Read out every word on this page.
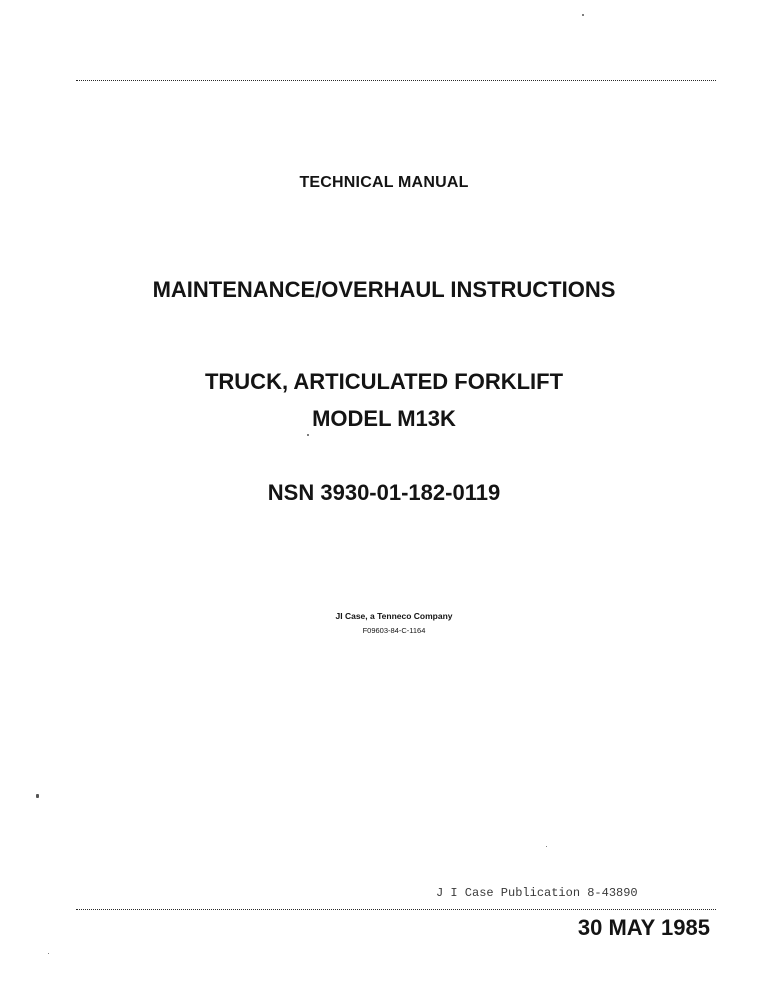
TECHNICAL MANUAL
MAINTENANCE/OVERHAUL INSTRUCTIONS
TRUCK, ARTICULATED FORKLIFT
MODEL M13K
NSN 3930-01-182-0119
JI Case, a Tenneco Company
F09603-84-C-1164
J I Case Publication 8-43890
30 MAY 1985
